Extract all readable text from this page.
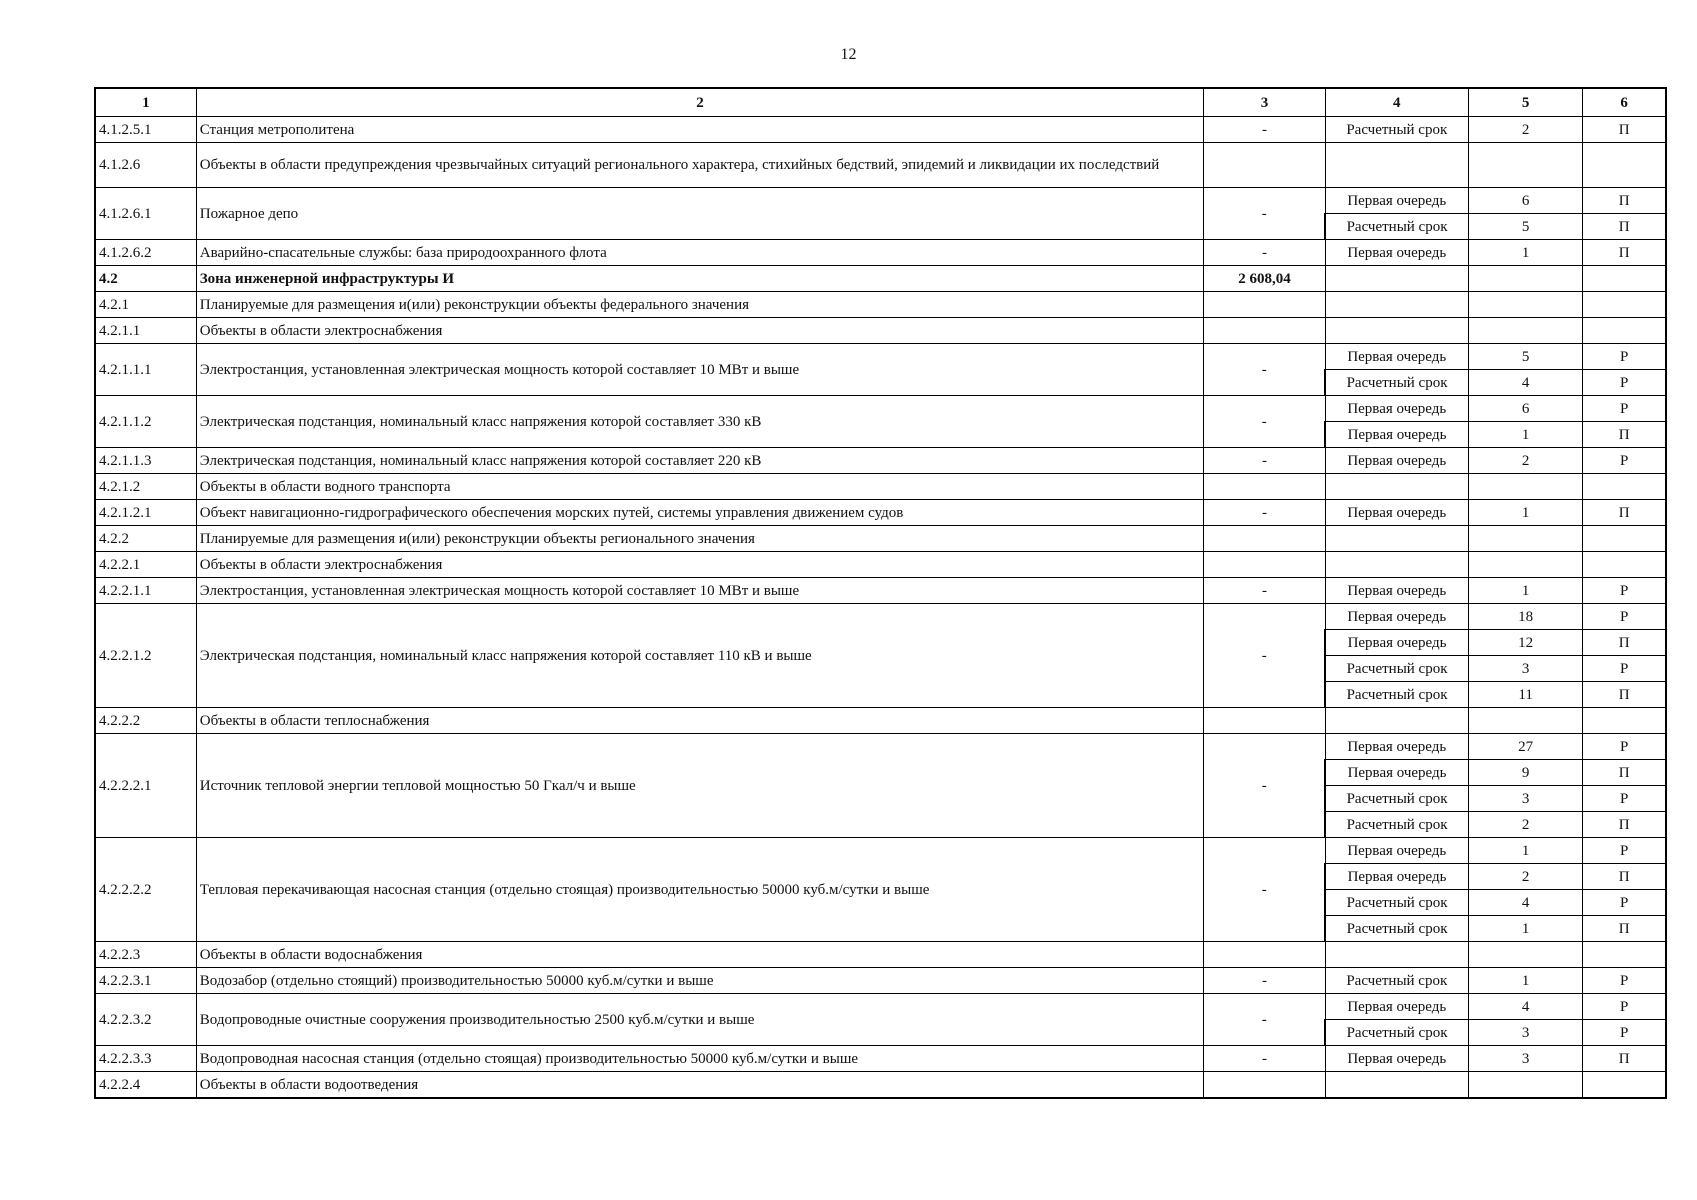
12
1	2	3	4	5	6
4.1.2.5.1	Станция метрополитена	-	Расчетный срок	2	П
4.1.2.6	Объекты в области предупреждения чрезвычайных ситуаций регионального характера, стихийных бедствий, эпидемий и ликвидации их последствий				
4.1.2.6.1	Пожарное депо	-	Первая очередь	6	П
			Расчетный срок	5	П
4.1.2.6.2	Аварийно-спасательные службы: база природоохранного флота	-	Первая очередь	1	П
4.2	Зона инженерной инфраструктуры И	2 608,04			
4.2.1	Планируемые для размещения и(или) реконструкции объекты федерального значения				
4.2.1.1	Объекты в области электроснабжения				
4.2.1.1.1	Электростанция, установленная электрическая мощность которой составляет 10 МВт и выше	-	Первая очередь	5	Р
			Расчетный срок	4	Р
4.2.1.1.2	Электрическая подстанция, номинальный класс напряжения которой составляет 330 кВ	-	Первая очередь	6	Р
			Первая очередь	1	П
4.2.1.1.3	Электрическая подстанция, номинальный класс напряжения которой составляет 220 кВ	-	Первая очередь	2	Р
4.2.1.2	Объекты в области водного транспорта				
4.2.1.2.1	Объект навигационно-гидрографического обеспечения морских путей, системы управления движением судов	-	Первая очередь	1	П
4.2.2	Планируемые для размещения и(или) реконструкции объекты регионального значения				
4.2.2.1	Объекты в области электроснабжения				
4.2.2.1.1	Электростанция, установленная электрическая мощность которой составляет 10 МВт и выше	-	Первая очередь	1	Р
4.2.2.1.2	Электрическая подстанция, номинальный класс напряжения которой составляет 110 кВ и выше	-	Первая очередь	18	Р
			Первая очередь	12	П
			Расчетный срок	3	Р
			Расчетный срок	11	П
4.2.2.2	Объекты в области теплоснабжения				
4.2.2.2.1	Источник тепловой энергии тепловой мощностью 50 Гкал/ч и выше	-	Первая очередь	27	Р
			Первая очередь	9	П
			Расчетный срок	3	Р
			Расчетный срок	2	П
4.2.2.2.2	Тепловая перекачивающая насосная станция (отдельно стоящая) производительностью 50000 куб.м/сутки и выше	-	Первая очередь	1	Р
			Первая очередь	2	П
			Расчетный срок	4	Р
			Расчетный срок	1	П
4.2.2.3	Объекты в области водоснабжения				
4.2.2.3.1	Водозабор (отдельно стоящий) производительностью 50000 куб.м/сутки и выше	-	Расчетный срок	1	Р
4.2.2.3.2	Водопроводные очистные сооружения производительностью 2500 куб.м/сутки и выше	-	Первая очередь	4	Р
			Расчетный срок	3	Р
4.2.2.3.3	Водопроводная насосная станция (отдельно стоящая) производительностью 50000 куб.м/сутки и выше	-	Первая очередь	3	П
4.2.2.4	Объекты в области водоотведения				
